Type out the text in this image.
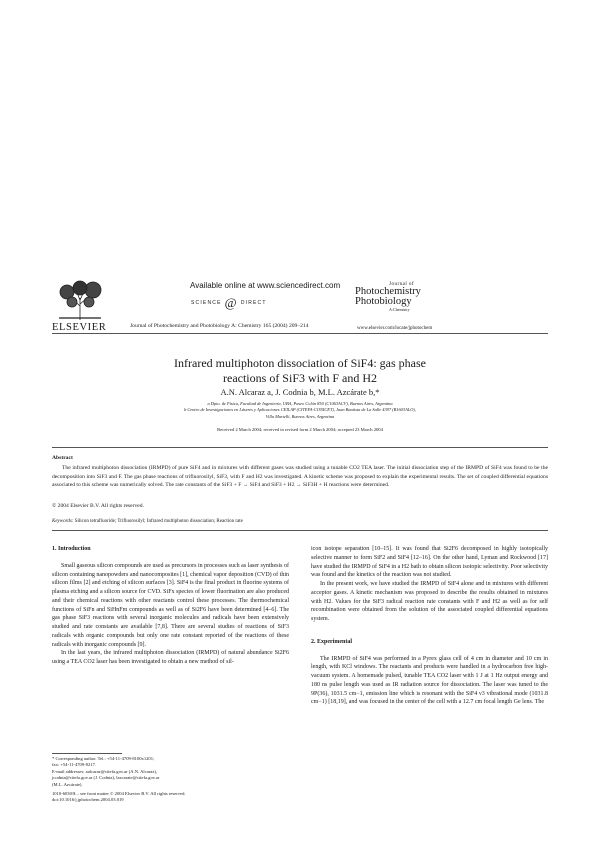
ELSEVIER
Available online at www.sciencedirect.com
SCIENCE @ DIRECT
Journal of Photochemistry and Photobiology A: Chemistry 165 (2004) 209–214
Journal of
Photochemistry
Photobiology
A:Chemistry
www.elsevier.com/locate/jphotochem
Infrared multiphoton dissociation of SiF4: gas phase
reactions of SiF3 with F and H2
A.N. Alcaraz a, J. Codnia b, M.L. Azcárate b,*
a Dpto. de Física, Facultad de Ingeniería, UBA, Paseo Colón 850 (C1063ACV), Buenos Aires, Argentina
b Centro de Investigaciones en Láseres y Aplicaciones CEILAP (CITEFA-CONICET), Juan Bautista de La Salle 4397 (B1603ALO),
Villa Martelli, Buenos Aires, Argentina
Received 2 March 2004; received in revised form 2 March 2004; accepted 23 March 2004
Abstract
The infrared multiphoton dissociation (IRMPD) of pure SiF4 and in mixtures with different gases was studied using a tunable CO2 TEA laser. The initial dissociation step of the IRMPD of SiF4 was found to be the decomposition into SiF3 and F. The gas phase reactions of trifluorosilyl, SiF3, with F and H2 was investigated. A kinetic scheme was proposed to explain the experimental results. The set of coupled differential equations associated to this scheme was numerically solved. The rate constants of the SiF3 + F → SiF4 and SiF3 + H2 → SiF3H + H reactions were determined.
© 2004 Elsevier B.V. All rights reserved.
Keywords: Silicon tetrafluoride; Trifluorosilyl; Infrared multiphoton dissociation; Reaction rate
1. Introduction

Small gaseous silicon compounds are used as precursors in processes such as laser synthesis of silicon containing nanopowders and nanocomposites [1], chemical vapor deposition (CVD) of thin silicon films [2] and etching of silicon surfaces [3]. SiF4 is the final product in fluorine systems of plasma etching and a silicon source for CVD. SiFx species of lower fluorination are also produced and their chemical reactions with other reactants control these processes. The thermochemical functions of SiFn and SiHnFm compounds as well as of Si2F6 have been determined [4–6]. The gas phase SiF3 reactions with several inorganic molecules and radicals have been extensively studied and rate constants are available [7,8]. There are several studies of reactions of SiF3 radicals with organic compounds but only one rate constant reported of the reactions of these radicals with inorganic compounds [9].

In the last years, the infrared multiphoton dissociation (IRMPD) of natural abundance Si2F6 using a TEA CO2 laser has been investigated to obtain a new method of sil-

* Corresponding author. Tel.: +54-11-4709-8100x1201;
fax: +54-11-4709-8217.
E-mail addresses: aalcaraz@citefa.gov.ar (A.N. Alcaraz),
jcodnia@citefa.gov.ar (J. Codnia), lazcarate@citefa.gov.ar
(M.L. Azcárate).
1010-6030/$ – see front matter © 2004 Elsevier B.V. All rights reserved.
doi:10.1016/j.jphotochem.2004.03.019

icon isotope separation [10–15]. It was found that Si2F6 decomposed in highly isotopically selective manner to form SiF2 and SiF4 [12–16]. On the other hand, Lyman and Rockwood [17] have studied the IRMPD of SiF4 in a H2 bath to obtain silicon isotopic selectivity. Poor selectivity was found and the kinetics of the reaction was not studied.

In the present work, we have studied the IRMPD of SiF4 alone and in mixtures with different acceptor gases. A kinetic mechanism was proposed to describe the results obtained in mixtures with H2. Values for the SiF3 radical reaction rate constants with F and H2 as well as for self recombination were obtained from the solution of the associated coupled differential equations system.

2. Experimental

The IRMPD of SiF4 was performed in a Pyrex glass cell of 4 cm in diameter and 10 cm in length, with KCl windows. The reactants and products were handled in a hydrocarbon free high-vacuum system. A homemade pulsed, tunable TEA CO2 laser with 1 J at 1 Hz output energy and 180 ns pulse length was used as IR radiation source for dissociation. The laser was tuned to the 9P(36), 1031.5 cm−1, emission line which is resonant with the SiF4 ν3 vibrational mode (1031.8 cm−1) [18,19], and was focused in the center of the cell with a 12.7 cm focal length Ge lens. The
